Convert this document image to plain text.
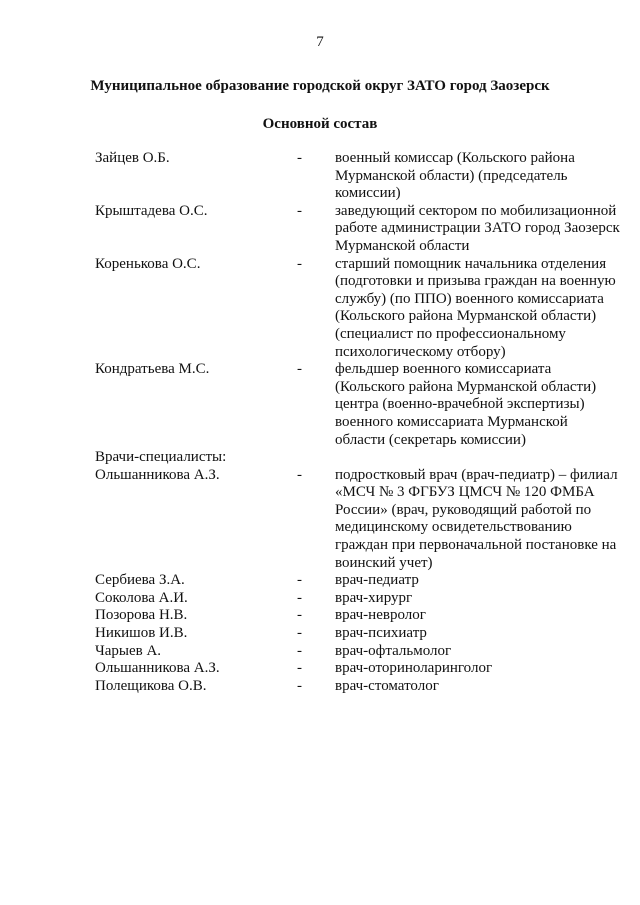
7
Муниципальное образование городской округ ЗАТО город Заозерск
Основной состав
Зайцев О.Б.	-	военный комиссар (Кольского района Мурманской области) (председатель комиссии)
Крыштадева О.С.	-	заведующий сектором по мобилизационной работе администрации ЗАТО город Заозерск Мурманской области
Коренькова О.С.	-	старший помощник начальника отделения (подготовки и призыва граждан на военную службу) (по ППО) военного комиссариата (Кольского района Мурманской области) (специалист по профессиональному психологическому отбору)
Кондратьева М.С.	-	фельдшер военного комиссариата (Кольского района Мурманской области) центра (военно-врачебной экспертизы) военного комиссариата Мурманской области (секретарь комиссии)
Врачи-специалисты:
Ольшанникова А.З.	-	подростковый врач (врач-педиатр) – филиал «МСЧ № 3 ФГБУЗ ЦМСЧ № 120 ФМБА России» (врач, руководящий работой по медицинскому освидетельствованию граждан при первоначальной постановке на воинский учет)
Сербиева З.А.	-	врач-педиатр
Соколова А.И.	-	врач-хирург
Позорова Н.В.	-	врач-невролог
Никишов И.В.	-	врач-психиатр
Чарыев А.	-	врач-офтальмолог
Ольшанникова А.З.	-	врач-оториноларинголог
Полещикова О.В.	-	врач-стоматолог
